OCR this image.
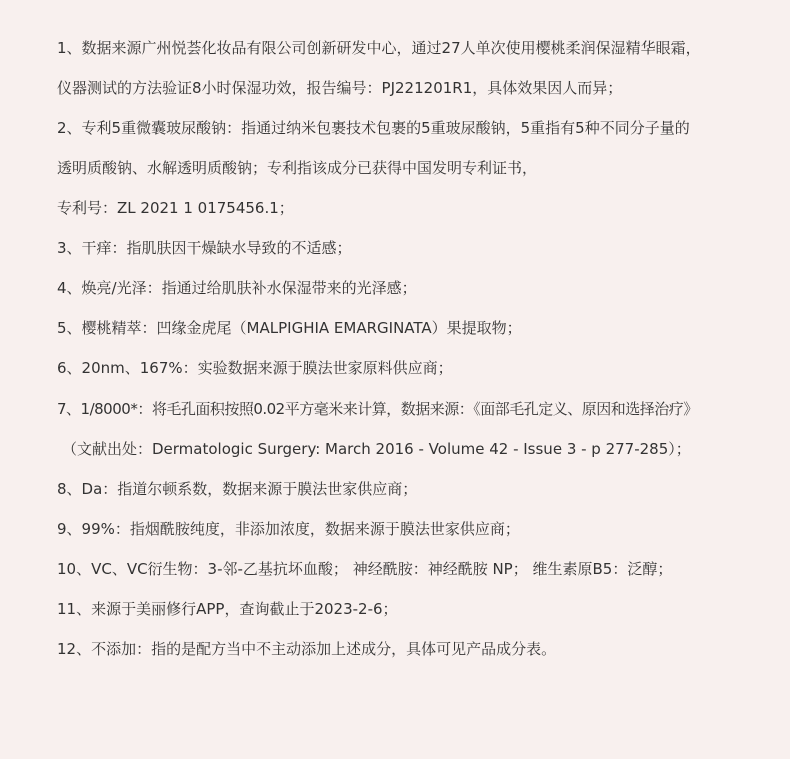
1、数据来源广州悦荟化妆品有限公司创新研发中心，通过27人单次使用樱桃柔润保湿精华眼霜，
仪器测试的方法验证8小时保湿功效，报告编号：PJ221201R1，具体效果因人而异；
2、专利5重微囊玻尿酸钠：指通过纳米包裹技术包裹的5重玻尿酸钠，5重指有5种不同分子量的
透明质酸钠、水解透明质酸钠；专利指该成分已获得中国发明专利证书，
专利号：ZL 2021 1 0175456.1；
3、干痒：指肌肤因干燥缺水导致的不适感；
4、焕亮/光泽：指通过给肌肤补水保湿带来的光泽感；
5、樱桃精萃：凹缘金虎尾（MALPIGHIA EMARGINATA）果提取物；
6、20nm、167%：实验数据来源于膜法世家原料供应商；
7、1/8000*：将毛孔面积按照0.02平方毫米来计算，数据来源：《面部毛孔定义、原因和选择治疗》
（文献出处：Dermatologic Surgery: March 2016 - Volume 42 - Issue 3 - p 277-285）；
8、Da：指道尔顿系数，数据来源于膜法世家供应商；
9、99%：指烟酰胺纯度，非添加浓度，数据来源于膜法世家供应商；
10、VC、VC衍生物：3-邻-乙基抗坏血酸； 神经酰胺：神经酰胺 NP； 维生素原B5：泛醇；
11、来源于美丽修行APP，查询截止于2023-2-6；
12、不添加：指的是配方当中不主动添加上述成分，具体可见产品成分表。
